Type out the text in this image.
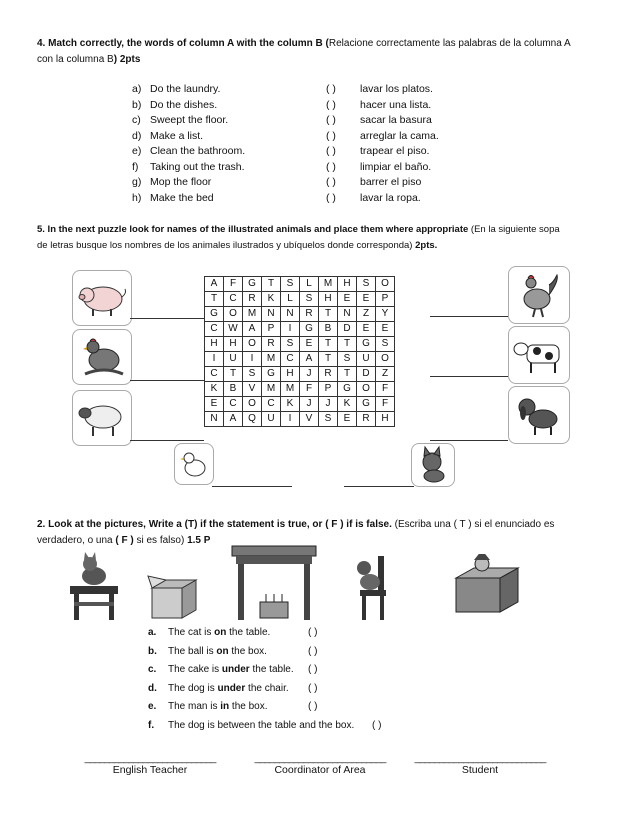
4. Match correctly, the words of column A with the column B (Relacione correctamente las palabras de la columna A
con la columna B) 2pts
a) Do the laundry.	( ) lavar los platos.
b) Do the dishes.	( ) hacer una lista.
c) Sweept the floor.	( ) sacar la basura
d) Make a list.	( ) arreglar la cama.
e) Clean the bathroom.	( ) trapear el piso.
f)	Taking out the trash.	( ) limpiar el baño.
g) Mop the floor	( ) barrer el piso
h) Make the bed	( ) lavar la ropa.
5. In the next puzzle look for names of the illustrated animals and place them where appropriate (En la siguiente sopa
de letras busque los nombres de los animales ilustrados y ubíquelos donde corresponda) 2pts.
A	F	G	T	S	L	M	H	S	O
T	C	R	K	L	S	H	E	E	P
G	O	M	N	N	R	T	N	Z	Y
C	W	A	P	I	G	B	D	E	E
H	H	O	R	S	E	T	T	G	S
I	U	I	M	C	A	T	S	U	O
C	T	S	G	H	J	R	T	D	Z
K	B	V	M	M	F	P	G	O	F
E	C	O	C	K	J	J	K	G	F
N	A	Q	U	I	V	S	E	R	H
2. Look at the pictures, Write a (T) if the statement is true, or ( F ) if is false. (Escriba una ( T ) si el enunciado es
verdadero, o una ( F ) si es falso) 1.5 P
a. The cat is on the table.	( )
b. The ball is on the box.	( )
c. The cake is under the table. ( )
d. The dog is under the chair. ( )
e. The man is in the box.	( )
f. The dog is between the table and the box. ( )
___________________________
English Teacher
___________________________
Coordinator of Area
___________________________
Student
